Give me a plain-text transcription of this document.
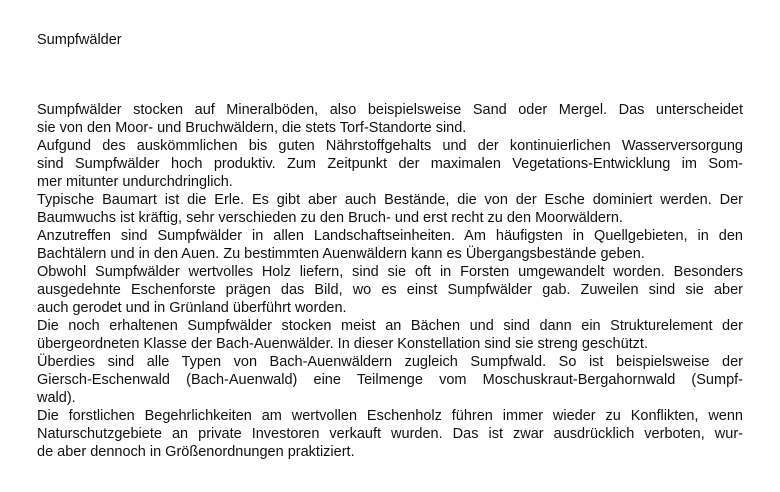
Sumpfwälder
Sumpfwälder stocken auf Mineralböden, also beispielsweise Sand oder Mergel. Das unterscheidet
sie von den Moor- und Bruchwäldern, die stets Torf-Standorte sind.
Aufgund des auskömmlichen bis guten Nährstoffgehalts und der kontinuierlichen Wasserversorgung
sind Sumpfwälder hoch produktiv. Zum Zeitpunkt der maximalen Vegetations-Entwicklung im Som-
mer mitunter undurchdringlich.
Typische Baumart ist die Erle. Es gibt aber auch Bestände, die von der Esche dominiert werden. Der
Baumwuchs ist kräftig, sehr verschieden zu den Bruch- und erst recht zu den Moorwäldern.
Anzutreffen sind Sumpfwälder in allen Landschaftseinheiten. Am häufigsten in Quellgebieten, in den
Bachtälern und in den Auen. Zu bestimmten Auenwäldern kann es Übergangsbestände geben.
Obwohl Sumpfwälder wertvolles Holz liefern, sind sie oft in Forsten umgewandelt worden. Besonders
ausgedehnte Eschenforste prägen das Bild, wo es einst Sumpfwälder gab. Zuweilen sind sie aber
auch gerodet und in Grünland überführt worden.
Die noch erhaltenen Sumpfwälder stocken meist an Bächen und sind dann ein Strukturelement der
übergeordneten Klasse der Bach-Auenwälder. In dieser Konstellation sind sie streng geschützt.
Überdies sind alle Typen von Bach-Auenwäldern zugleich Sumpfwald. So ist beispielsweise der
Giersch-Eschenwald (Bach-Auenwald) eine Teilmenge vom Moschuskraut-Bergahornwald (Sumpf-
wald).
Die forstlichen Begehrlichkeiten am wertvollen Eschenholz führen immer wieder zu Konflikten, wenn
Naturschutzgebiete an private Investoren verkauft wurden. Das ist zwar ausdrücklich verboten, wur-
de aber dennoch in Größenordnungen praktiziert.
